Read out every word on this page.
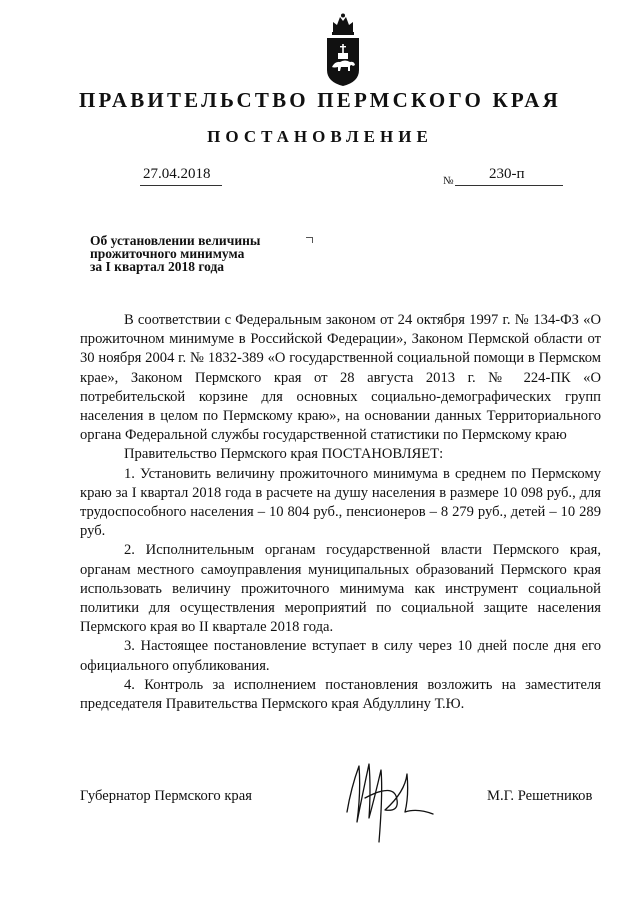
ПРАВИТЕЛЬСТВО ПЕРМСКОГО КРАЯ
ПОСТАНОВЛЕНИЕ
27.04.2018	№ 230-п
Об установлении величины
прожиточного минимума
за I квартал 2018 года

В соответствии с Федеральным законом от 24 октября 1997 г. № 134-ФЗ «О прожиточном минимуме в Российской Федерации», Законом Пермской области от 30 ноября 2004 г. № 1832-389 «О государственной социальной помощи в Пермском крае», Законом Пермского края от 28 августа 2013 г. № 224-ПК «О потребительской корзине для основных социально-демографических групп населения в целом по Пермскому краю», на основании данных Территориального органа Федеральной службы государственной статистики по Пермскому краю

Правительство Пермского края ПОСТАНОВЛЯЕТ:

1. Установить величину прожиточного минимума в среднем по Пермскому краю за I квартал 2018 года в расчете на душу населения в размере 10 098 руб., для трудоспособного населения – 10 804 руб., пенсионеров – 8 279 руб., детей – 10 289 руб.

2. Исполнительным органам государственной власти Пермского края, органам местного самоуправления муниципальных образований Пермского края использовать величину прожиточного минимума как инструмент социальной политики для осуществления мероприятий по социальной защите населения Пермского края во II квартале 2018 года.

3. Настоящее постановление вступает в силу через 10 дней после дня его официального опубликования.

4. Контроль за исполнением постановления возложить на заместителя председателя Правительства Пермского края Абдуллину Т.Ю.

Губернатор Пермского края	М.Г. Решетников
